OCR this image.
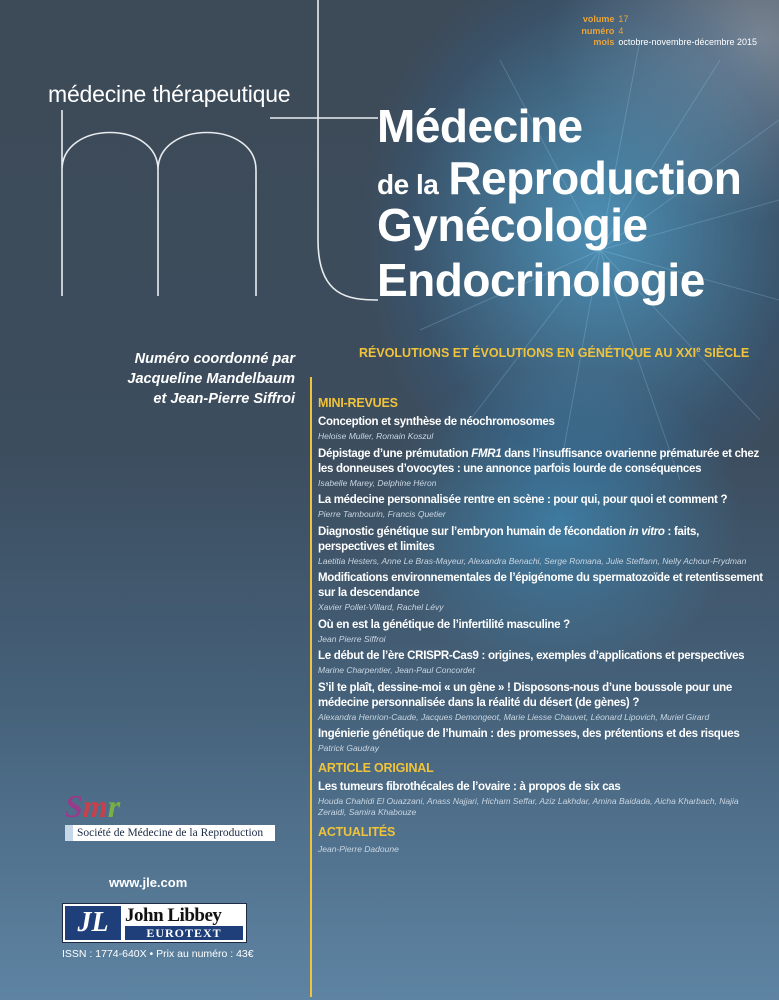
volume 17
numéro 4
mois octobre-novembre-décembre 2015
médecine thérapeutique
Médecine
de la Reproduction
Gynécologie
Endocrinologie
Numéro coordonné par
Jacqueline Mandelbaum
et Jean-Pierre Siffroi
RÉVOLUTIONS ET ÉVOLUTIONS EN GÉNÉTIQUE AU XXIe SIÈCLE
MINI-REVUES
Conception et synthèse de néochromosomes
Heloise Muller, Romain Koszul
Dépistage d’une prémutation FMR1 dans l’insuffisance ovarienne prématurée et chez les donneuses d’ovocytes : une annonce parfois lourde de conséquences
Isabelle Marey, Delphine Héron
La médecine personnalisée rentre en scène : pour qui, pour quoi et comment ?
Pierre Tambourin, Francis Quetier
Diagnostic génétique sur l’embryon humain de fécondation in vitro : faits, perspectives et limites
Laetitia Hesters, Anne Le Bras-Mayeur, Alexandra Benachi, Serge Romana, Julie Steffann, Nelly Achour-Frydman
Modifications environnementales de l’épigénome du spermatozoïde et retentissement sur la descendance
Xavier Pollet-Villard, Rachel Lévy
Où en est la génétique de l’infertilité masculine ?
Jean Pierre Siffroi
Le début de l’ère CRISPR-Cas9 : origines, exemples d’applications et perspectives
Marine Charpentier, Jean-Paul Concordet
S’il te plaît, dessine-moi « un gène » ! Disposons-nous d’une boussole pour une médecine personnalisée dans la réalité du désert (de gènes) ?
Alexandra Henrion-Caude, Jacques Demongeot, Marie Liesse Chauvet, Léonard Lipovich, Muriel Girard
Ingénierie génétique de l’humain : des promesses, des prétentions et des risques
Patrick Gaudray
ARTICLE ORIGINAL
Les tumeurs fibrothécales de l’ovaire : à propos de six cas
Houda Chahidi El Ouazzani, Anass Najjari, Hicham Seffar, Aziz Lakhdar, Amina Baidada, Aicha Kharbach, Najia Zeraidi, Samira Khabouze
ACTUALITÉS
Jean-Pierre Dadoune
Smr
Société de Médecine de la Reproduction
www.jle.com
JL John Libbey
EUROTEXT
ISSN : 1774-640X • Prix au numéro : 43€
